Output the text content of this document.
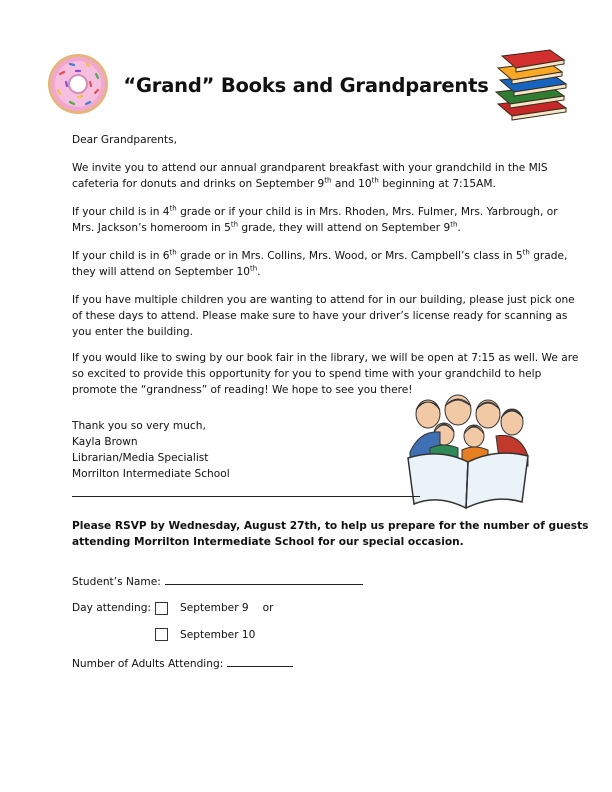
“Grand” Books and Grandparents
Dear Grandparents,
We invite you to attend our annual grandparent breakfast with your grandchild in the MIS
cafeteria for donuts and drinks on September 9th and 10th beginning at 7:15AM.
If your child is in 4th grade or if your child is in Mrs. Rhoden, Mrs. Fulmer, Mrs. Yarbrough, or
Mrs. Jackson’s homeroom in 5th grade, they will attend on September 9th.
If your child is in 6th grade or in Mrs. Collins, Mrs. Wood, or Mrs. Campbell’s class in 5th grade,
they will attend on September 10th.
If you have multiple children you are wanting to attend for in our building, please just pick one
of these days to attend. Please make sure to have your driver’s license ready for scanning as
you enter the building.
If you would like to swing by our book fair in the library, we will be open at 7:15 as well. We are
so excited to provide this opportunity for you to spend time with your grandchild to help
promote the “grandness” of reading! We hope to see you there!
Thank you so very much,
Kayla Brown
Librarian/Media Specialist
Morrilton Intermediate School
Please RSVP by Wednesday, August 27th, to help us prepare for the number of guests
attending Morrilton Intermediate School for our special occasion.
Student’s Name:
Day attending:	September 9 or
September 10
Number of Adults Attending:
